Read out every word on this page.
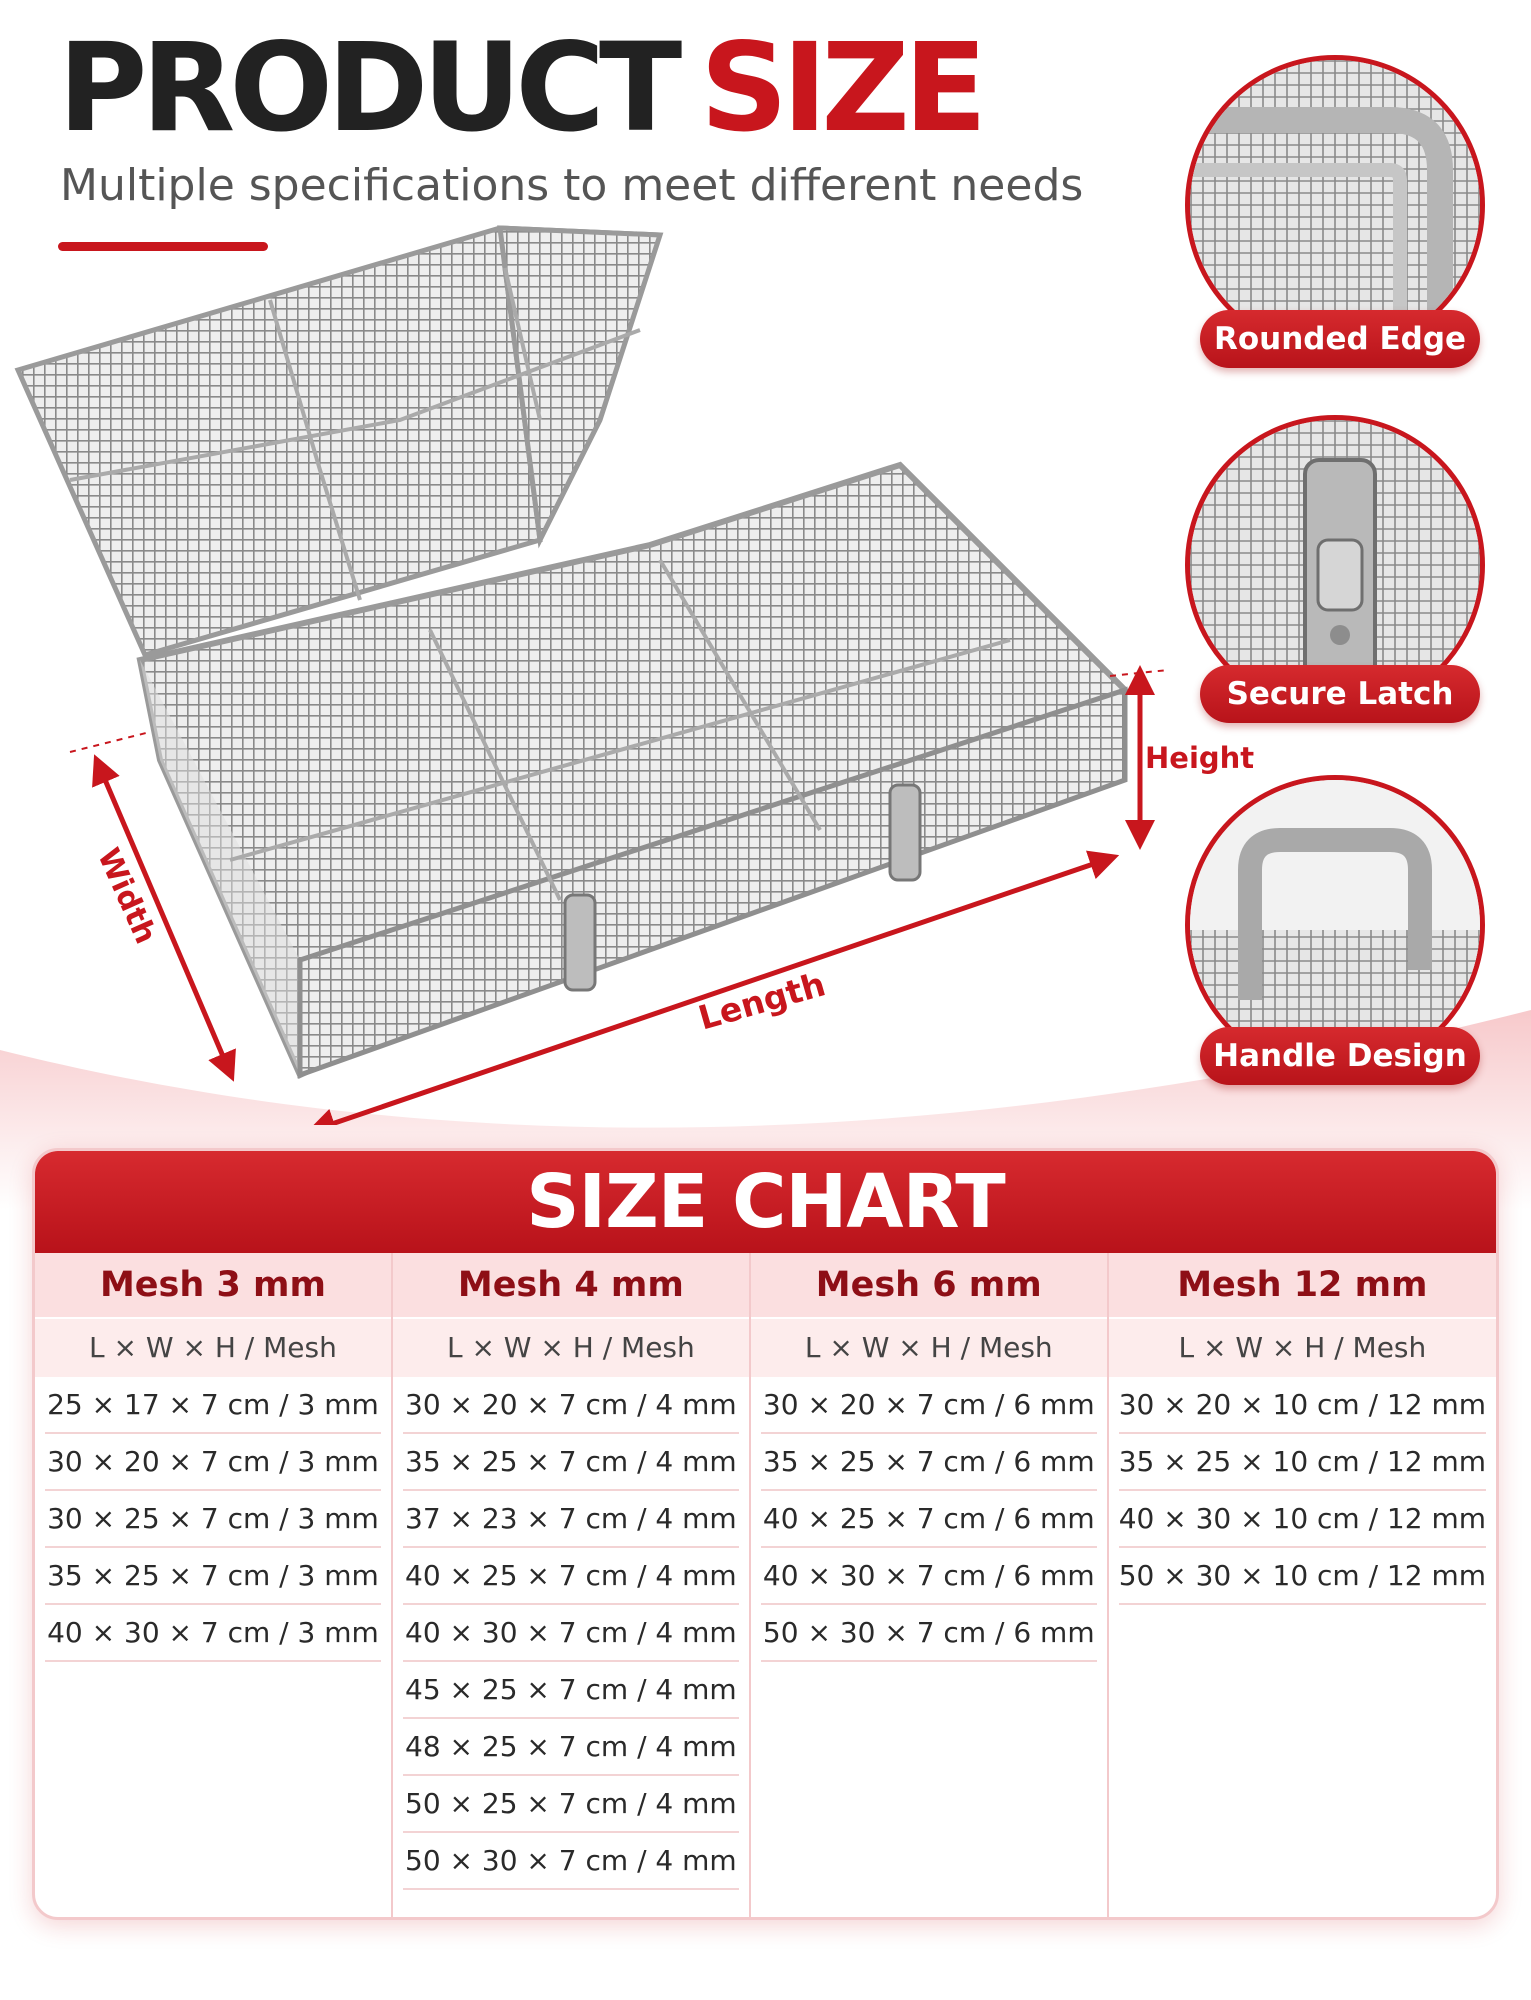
PRODUCT SIZE
Multiple specifications to meet different needs
Width
Length
Height
Rounded Edge
Secure Latch
Handle Design
SIZE CHART
Mesh 3 mm
L × W × H / Mesh
25 × 17 × 7 cm / 3 mm
30 × 20 × 7 cm / 3 mm
30 × 25 × 7 cm / 3 mm
35 × 25 × 7 cm / 3 mm
40 × 30 × 7 cm / 3 mm
Mesh 4 mm
L × W × H / Mesh
30 × 20 × 7 cm / 4 mm
35 × 25 × 7 cm / 4 mm
37 × 23 × 7 cm / 4 mm
40 × 25 × 7 cm / 4 mm
40 × 30 × 7 cm / 4 mm
45 × 25 × 7 cm / 4 mm
48 × 25 × 7 cm / 4 mm
50 × 25 × 7 cm / 4 mm
50 × 30 × 7 cm / 4 mm
Mesh 6 mm
L × W × H / Mesh
30 × 20 × 7 cm / 6 mm
35 × 25 × 7 cm / 6 mm
40 × 25 × 7 cm / 6 mm
40 × 30 × 7 cm / 6 mm
50 × 30 × 7 cm / 6 mm
Mesh 12 mm
L × W × H / Mesh
30 × 20 × 10 cm / 12 mm
35 × 25 × 10 cm / 12 mm
40 × 30 × 10 cm / 12 mm
50 × 30 × 10 cm / 12 mm
